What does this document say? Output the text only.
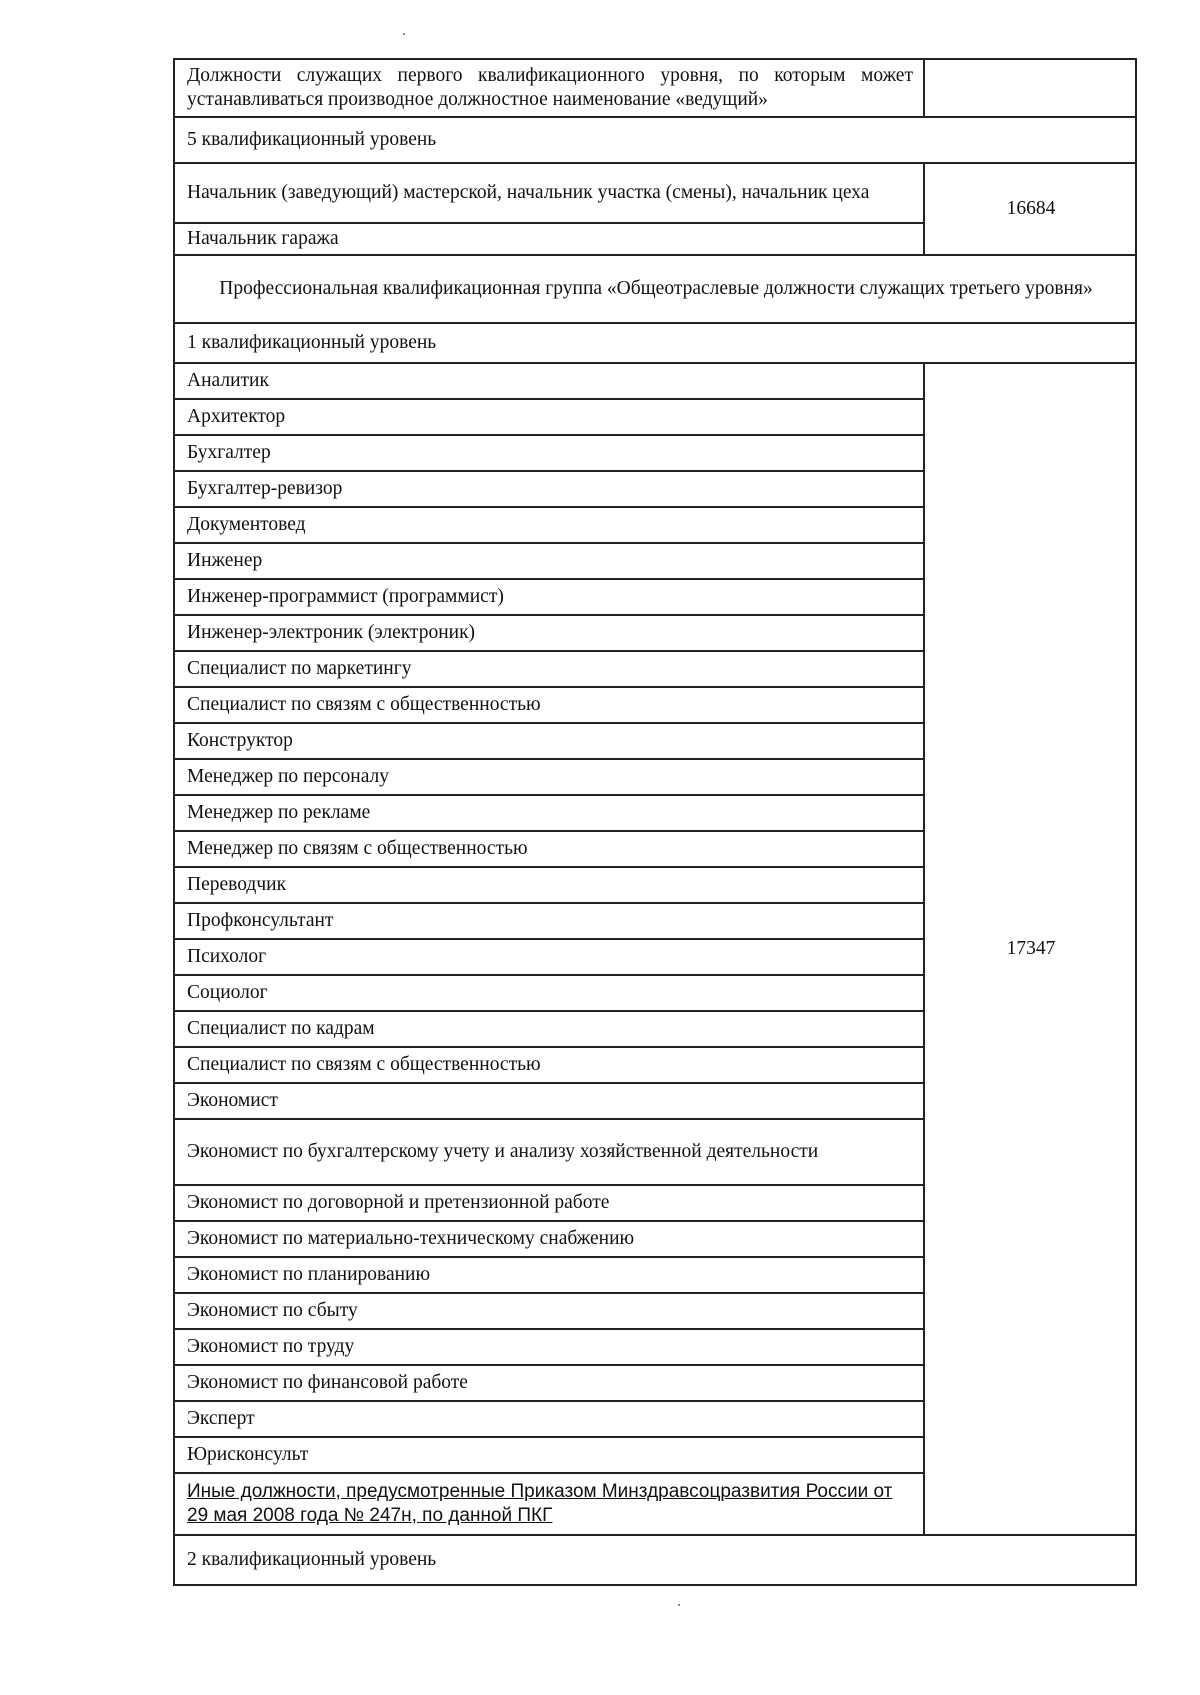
Должности служащих первого квалификационного уровня, по которым может устанавливаться производное должностное наименование «ведущий»	
5 квалификационный уровень	
Начальник (заведующий) мастерской, начальник участка (смены), начальник цеха	16684
Начальник гаража	
Профессиональная квалификационная группа «Общеотраслевые должности служащих третьего уровня»	
1 квалификационный уровень	
Аналитик	17347
Архитектор	
Бухгалтер	
Бухгалтер-ревизор	
Документовед	
Инженер	
Инженер-программист (программист)	
Инженер-электроник (электроник)	
Специалист по маркетингу	
Специалист по связям с общественностью	
Конструктор	
Менеджер по персоналу	
Менеджер по рекламе	
Менеджер по связям с общественностью	
Переводчик	
Профконсультант	
Психолог	
Социолог	
Специалист по кадрам	
Специалист по связям с общественностью	
Экономист	
Экономист по бухгалтерскому учету и анализу хозяйственной деятельности	
Экономист по договорной и претензионной работе	
Экономист по материально-техническому снабжению	
Экономист по планированию	
Экономист по сбыту	
Экономист по труду	
Экономист по финансовой работе	
Эксперт	
Юрисконсульт	
Иные должности, предусмотренные Приказом Минздравсоцразвития России от 29 мая 2008 года № 247н, по данной ПКГ	
2 квалификационный уровень	
